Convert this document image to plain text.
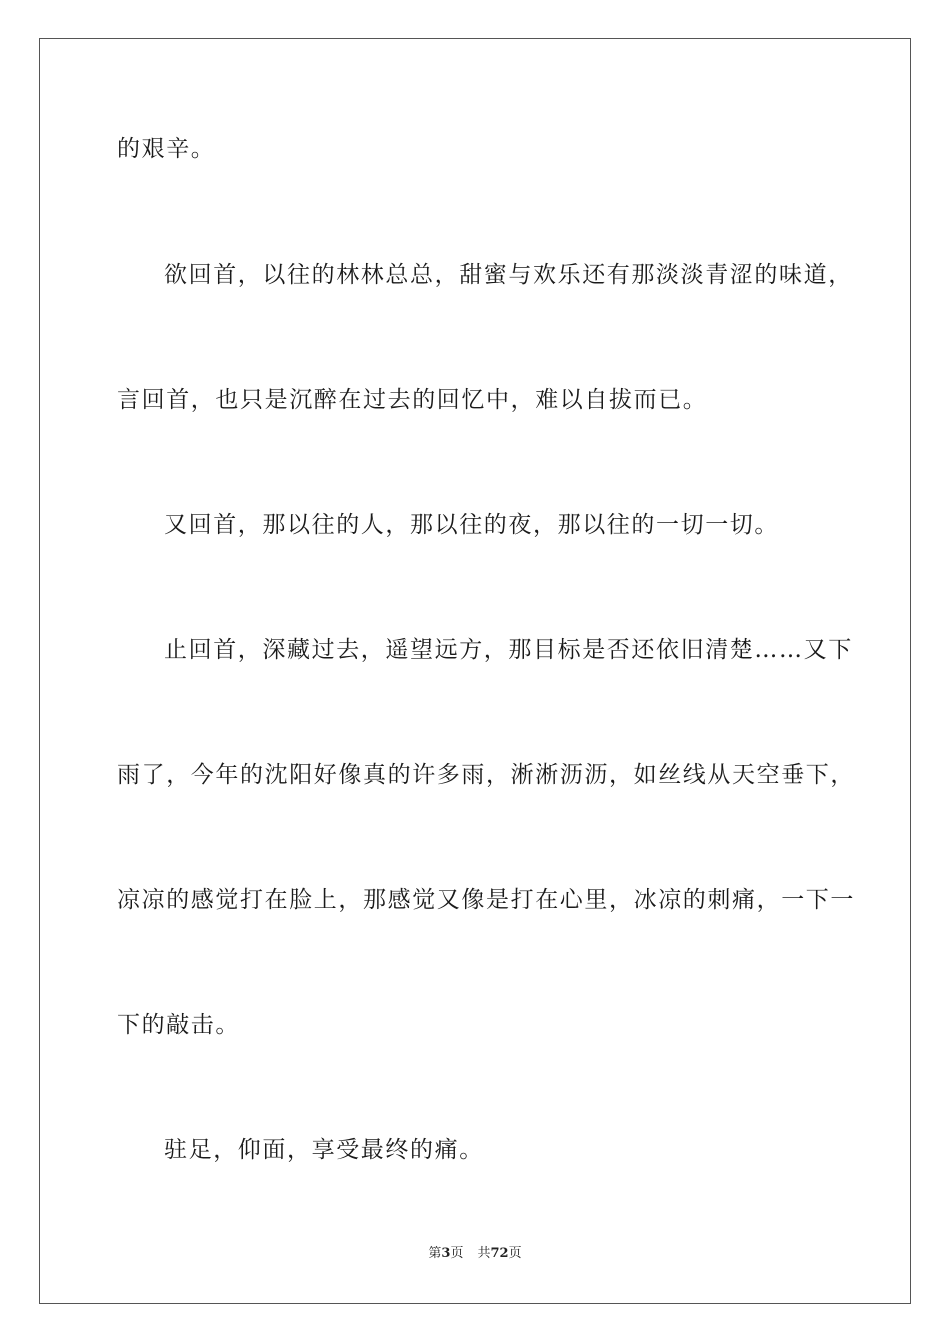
的艰辛。
欲回首，以往的林林总总，甜蜜与欢乐还有那淡淡青涩的味道，
言回首，也只是沉醉在过去的回忆中，难以自拔而已。
又回首，那以往的人，那以往的夜，那以往的一切一切。
止回首，深藏过去，遥望远方，那目标是否还依旧清楚……又下
雨了，今年的沈阳好像真的许多雨，淅淅沥沥，如丝线从天空垂下，
凉凉的感觉打在脸上，那感觉又像是打在心里，冰凉的刺痛，一下一
下的敲击。
驻足，仰面，享受最终的痛。
第3页 共72页
